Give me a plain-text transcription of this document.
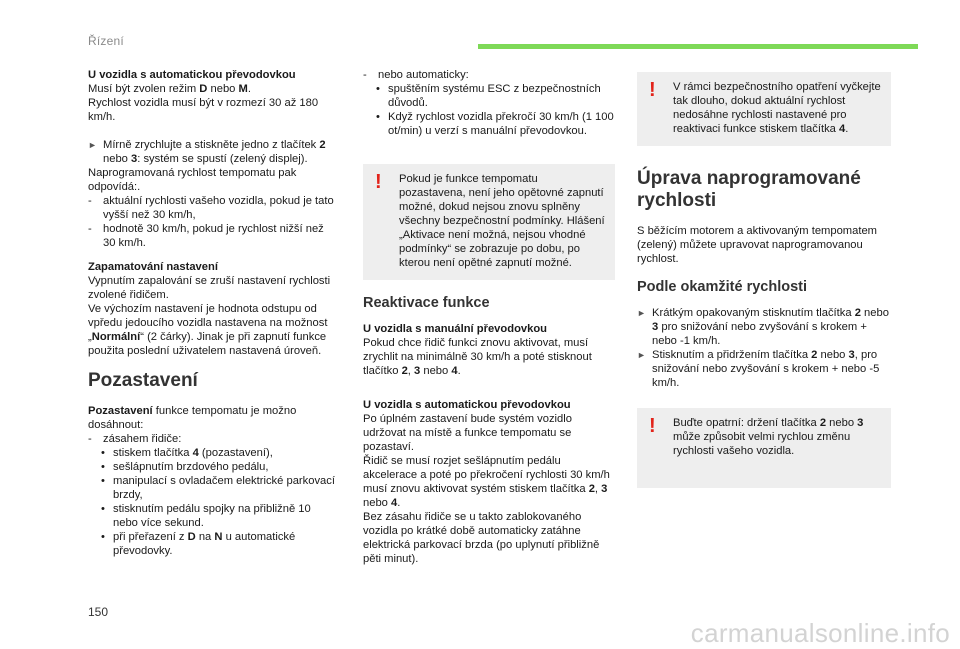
Řízení

U vozidla s automatickou převodovkou

Musí být zvolen režim D nebo M.

Rychlost vozidla musí být v rozmezí 30 až 180 km/h.

► Mírně zrychlujte a stiskněte jedno z tlačítek 2 nebo 3: systém se spustí (zelený displej).

Naprogramovaná rychlost tempomatu pak odpovídá:.

-	aktuální rychlosti vašeho vozidla, pokud je tato vyšší než 30 km/h,
-	hodnotě 30 km/h, pokud je rychlost nižší než 30 km/h.

Zapamatování nastavení

Vypnutím zapalování se zruší nastavení rychlosti zvolené řidičem.

Ve výchozím nastavení je hodnota odstupu od vpředu jedoucího vozidla nastavena na možnost „Normální“ (2 čárky). Jinak je při zapnutí funkce použita poslední uživatelem nastavená úroveň.

Pozastavení

Pozastavení funkce tempomatu je možno dosáhnout:

-	zásahem řidiče:
• stiskem tlačítka 4 (pozastavení),
• sešlápnutím brzdového pedálu,
• manipulací s ovladačem elektrické parkovací brzdy,
• stisknutím pedálu spojky na přibližně 10 nebo více sekund.
• při přeřazení z D na N u automatické převodovky.
-	nebo automaticky:
• spuštěním systému ESC z bezpečnostních důvodů.
• Když rychlost vozidla překročí 30 km/h (1 100 ot/min) u verzí s manuální převodovkou.
! Pokud je funkce tempomatu pozastavena, není jeho opětovné zapnutí možné, dokud nejsou znovu splněny všechny bezpečnostní podmínky. Hlášení „Aktivace není možná, nejsou vhodné podmínky“ se zobrazuje po dobu, po kterou není opětné zapnutí možné.
Reaktivace funkce

U vozidla s manuální převodovkou

Pokud chce řidič funkci znovu aktivovat, musí zrychlit na minimálně 30 km/h a poté stisknout tlačítko 2, 3 nebo 4.

U vozidla s automatickou převodovkou

Po úplném zastavení bude systém vozidlo udržovat na místě a funkce tempomatu se pozastaví.

Řidič se musí rozjet sešlápnutím pedálu akcelerace a poté po překročení rychlosti 30 km/h musí znovu aktivovat systém stiskem tlačítka 2, 3 nebo 4.

Bez zásahu řidiče se u takto zablokovaného vozidla po krátké době automaticky zatáhne elektrická parkovací brzda (po uplynutí přibližně pěti minut).

! V rámci bezpečnostního opatření vyčkejte tak dlouho, dokud aktuální rychlost nedosáhne rychlosti nastavené pro reaktivaci funkce stiskem tlačítka 4.
Úprava naprogramované rychlosti

S běžícím motorem a aktivovaným tempomatem (zelený) můžete upravovat naprogramovanou rychlost.

Podle okamžité rychlosti
► Krátkým opakovaným stisknutím tlačítka 2 nebo 3 pro snižování nebo zvyšování s krokem + nebo -1 km/h.
► Stisknutím a přidržením tlačítka 2 nebo 3, pro snižování nebo zvyšování s krokem + nebo -5 km/h.
! Buďte opatrní: držení tlačítka 2 nebo 3 může způsobit velmi rychlou změnu rychlosti vašeho vozidla.
150
carmanualsonline.info
